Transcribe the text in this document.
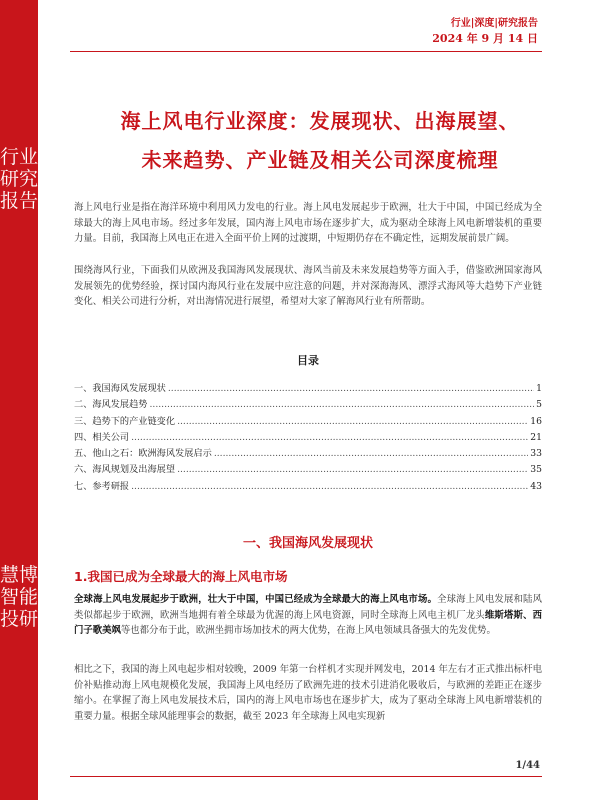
行业研究报告
慧博智能投研
行业|深度|研究报告
2024 年 9 月 14 日
海上风电行业深度：发展现状、出海展望、
未来趋势、产业链及相关公司深度梳理
海上风电行业是指在海洋环境中利用风力发电的行业。海上风电发展起步于欧洲，壮大于中国，中国已经成为全球最大的海上风电市场。经过多年发展，国内海上风电市场在逐步扩大，成为驱动全球海上风电新增装机的重要力量。目前，我国海上风电正在进入全面平价上网的过渡期，中短期仍存在不确定性，远期发展前景广阔。
围绕海风行业，下面我们从欧洲及我国海风发展现状、海风当前及未来发展趋势等方面入手，借鉴欧洲国家海风发展领先的优势经验，探讨国内海风行业在发展中应注意的问题，并对深海海风、漂浮式海风等大趋势下产业链变化、相关公司进行分析，对出海情况进行展望，希望对大家了解海风行业有所帮助。
目录
一、我国海风发展现状 .....	1
二、海风发展趋势 .....	5
三、趋势下的产业链变化 .....	16
四、相关公司 .....	21
五、他山之石：欧洲海风发展启示 .....	33
六、海风规划及出海展望 .....	35
七、参考研报 .....	43
一、我国海风发展现状
1.我国已成为全球最大的海上风电市场
全球海上风电发展起步于欧洲，壮大于中国，中国已经成为全球最大的海上风电市场。全球海上风电发展和陆风类似都起步于欧洲，欧洲当地拥有着全球最为优渥的海上风电资源，同时全球海上风电主机厂龙头维斯塔斯、西门子歌美飒等也都分布于此，欧洲坐拥市场加技术的两大优势，在海上风电领域具备强大的先发优势。
相比之下，我国的海上风电起步相对较晚，2009 年第一台样机才实现并网发电，2014 年左右才正式推出标杆电价补贴推动海上风电规模化发展，我国海上风电经历了欧洲先进的技术引进消化吸收后，与欧洲的差距正在逐步缩小。在掌握了海上风电发展技术后，国内的海上风电市场也在逐步扩大，成为了驱动全球海上风电新增装机的重要力量。根据全球风能理事会的数据，截至 2023 年全球海上风电实现新
1/44
